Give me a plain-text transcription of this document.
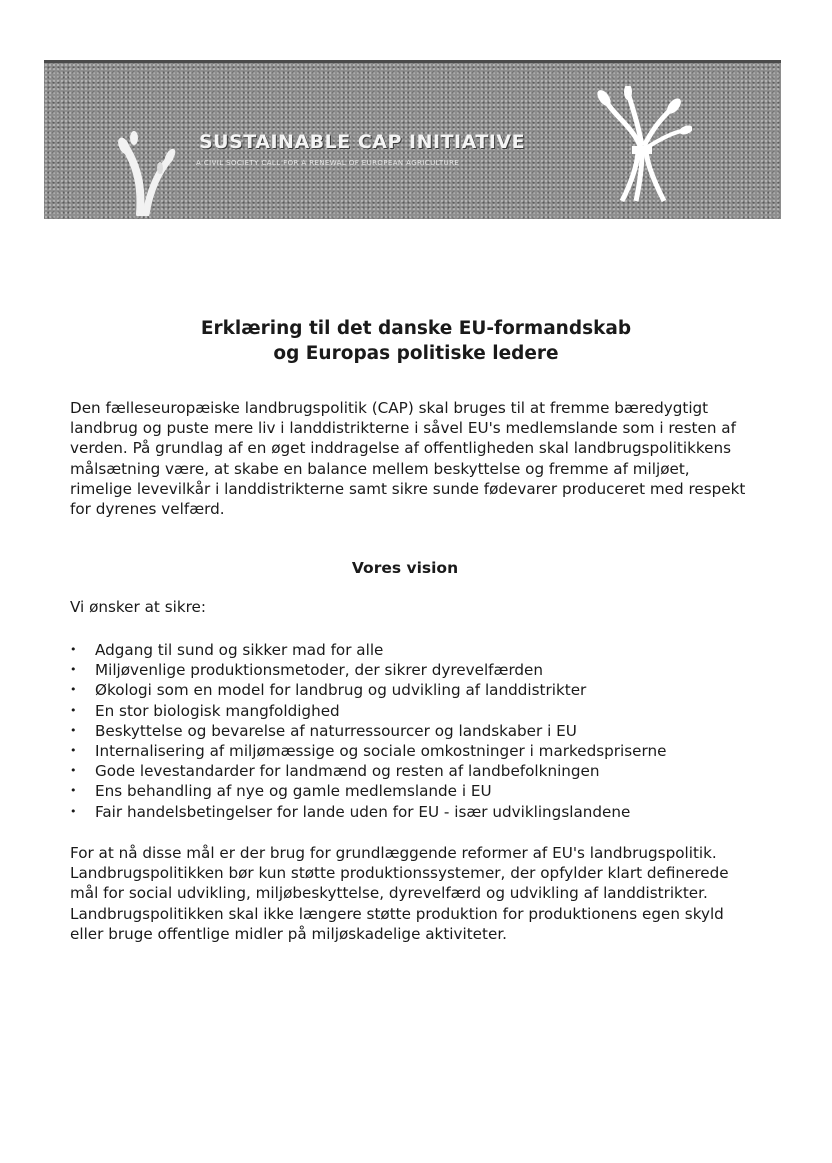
SUSTAINABLE CAP INITIATIVE
A CIVIL SOCIETY CALL FOR A RENEWAL OF EUROPEAN AGRICULTURE
Erklæring til det danske EU-formandskab
og Europas politiske ledere

Den fælleseuropæiske landbrugspolitik (CAP) skal bruges til at fremme bæredygtigt landbrug og puste mere liv i landdistrikterne i såvel EU's medlemslande som i resten af verden. På grundlag af en øget inddragelse af offentligheden skal landbrugspolitikkens målsætning være, at skabe en balance mellem beskyttelse og fremme af miljøet, rimelige levevilkår i landdistrikterne samt sikre sunde fødevarer produceret med respekt for dyrenes velfærd.

Vores vision

Vi ønsker at sikre:

• Adgang til sund og sikker mad for alle
• Miljøvenlige produktionsmetoder, der sikrer dyrevelfærden
• Økologi som en model for landbrug og udvikling af landdistrikter
• En stor biologisk mangfoldighed
• Beskyttelse og bevarelse af naturressourcer og landskaber i EU
• Internalisering af miljømæssige og sociale omkostninger i markedspriserne
• Gode levestandarder for landmænd og resten af landbefolkningen
• Ens behandling af nye og gamle medlemslande i EU
• Fair handelsbetingelser for lande uden for EU - især udviklingslandene

For at nå disse mål er der brug for grundlæggende reformer af EU's landbrugspolitik. Landbrugspolitikken bør kun støtte produktionssystemer, der opfylder klart definerede mål for social udvikling, miljøbeskyttelse, dyrevelfærd og udvikling af landdistrikter. Landbrugspolitikken skal ikke længere støtte produktion for produktionens egen skyld eller bruge offentlige midler på miljøskadelige aktiviteter.
